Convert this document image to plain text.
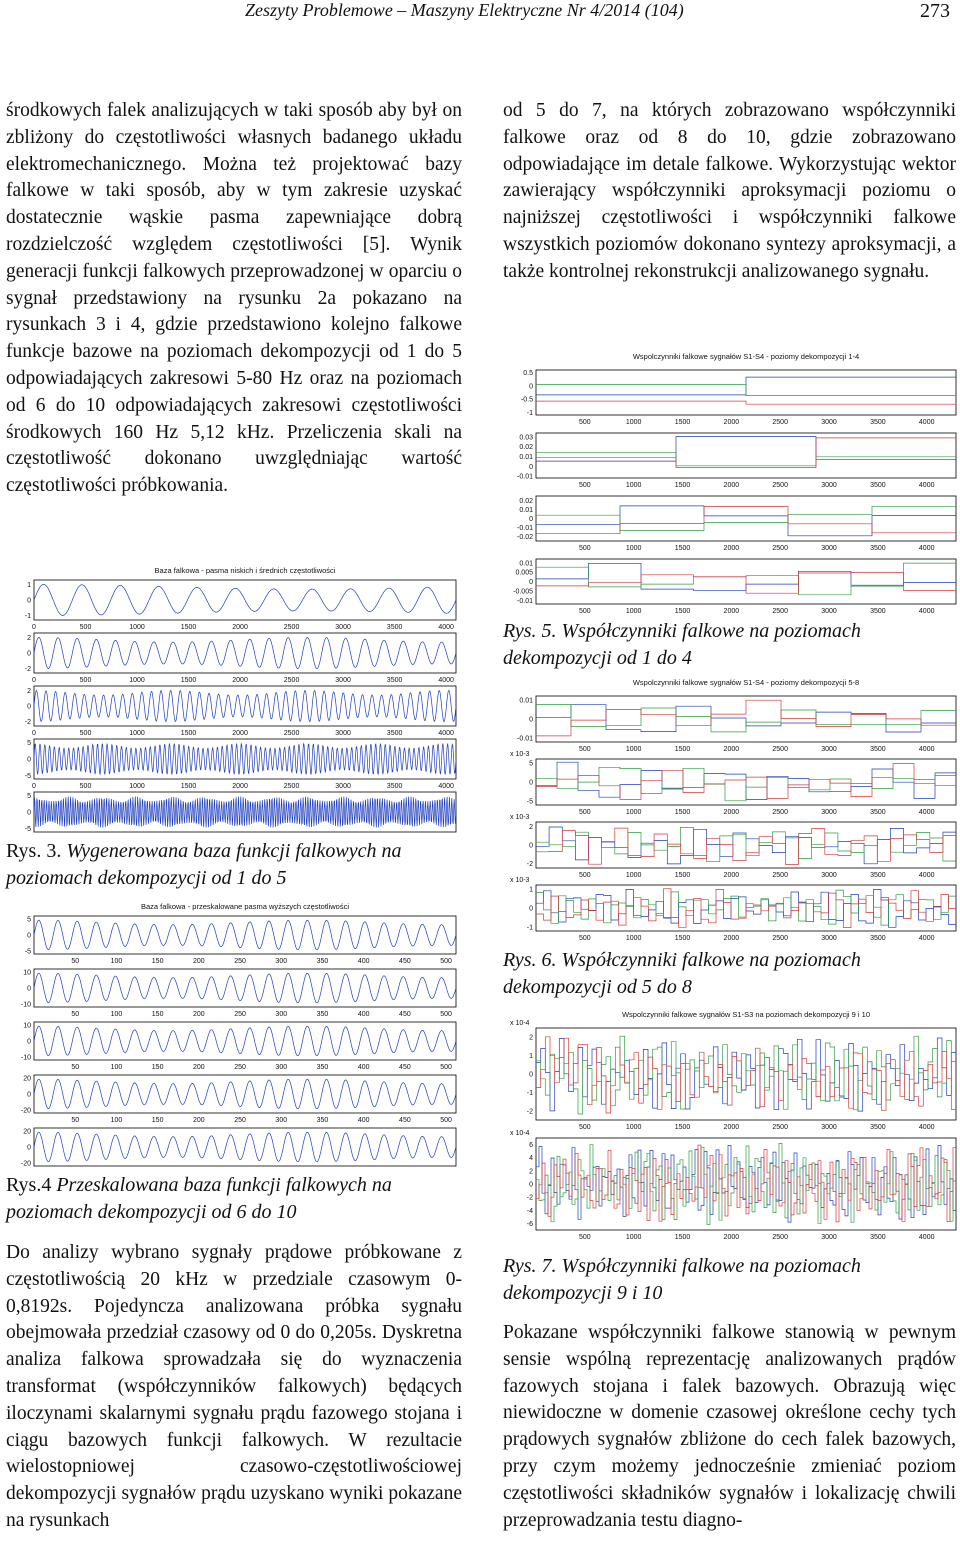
Zeszyty Problemowe – Maszyny Elektryczne Nr 4/2014 (104)	273

środkowych falek analizujących w taki sposób aby był on zbliżony do częstotliwości własnych badanego układu elektromechanicznego. Można też projektować bazy falkowe w taki sposób, aby w tym zakresie uzyskać dostatecznie wąskie pasma zapewniające dobrą rozdzielczość względem częstotliwości [5]. Wynik generacji funkcji falkowych przeprowadzonej w oparciu o sygnał przedstawiony na rysunku 2a pokazano na rysunkach 3 i 4, gdzie przedstawiono kolejno falkowe funkcje bazowe na poziomach dekompozycji od 1 do 5 odpowiadających zakresowi 5-80 Hz oraz na poziomach od 6 do 10 odpowiadających zakresowi częstotliwości środkowych 160 Hz 5,12 kHz. Przeliczenia skali na częstotliwość dokonano uwzględniając wartość częstotliwości próbkowania.

Baza falkowa - pasma niskich i średnich częstotliwości
1
0
-1
0	500	1000	1500	2000	2500	3000	3500	4000
2
0
-2
0	500	1000	1500	2000	2500	3000	3500	4000
2
0
-2
0	500	1000	1500	2000	2500	3000	3500	4000
5
0
-5
0	500	1000	1500	2000	2500	3000	3500	4000
5
0
-5

Rys. 3. Wygenerowana baza funkcji falkowych na poziomach dekompozycji od 1 do 5

Baza falkowa - przeskalowane pasma wyższych częstotliwości
5
0
-5
50	100	150	200	250	300	350	400	450	500
10
0
-10
50	100	150	200	250	300	350	400	450	500
10
0
-10
50	100	150	200	250	300	350	400	450	500
20
0
-20
50	100	150	200	250	300	350	400	450	500
20
0
-20

Rys.4 Przeskalowana baza funkcji falkowych na poziomach dekompozycji od 6 do 10

Do analizy wybrano sygnały prądowe próbkowane z częstotliwością 20 kHz w przedziale czasowym 0-0,8192s. Pojedyncza analizowana próbka sygnału obejmowała przedział czasowy od 0 do 0,205s. Dyskretna analiza falkowa sprowadzała się do wyznaczenia transformat (współczynników falkowych) będących iloczynami skalarnymi sygnału prądu fazowego stojana i ciągu bazowych funkcji falkowych. W rezultacie wielostopniowej czasowo-częstotliwościowej dekompozycji sygnałów prądu uzyskano wyniki pokazane na rysunkach

od 5 do 7, na których zobrazowano współczynniki falkowe oraz od 8 do 10, gdzie zobrazowano odpowiadające im detale falkowe. Wykorzystując wektor zawierający współczynniki aproksymacji poziomu o najniższej częstotliwości i współczynniki falkowe wszystkich poziomów dokonano syntezy aproksymacji, a także kontrolnej rekonstrukcji analizowanego sygnału.

Wspolczynniki falkowe sygnałów S1-S4 - poziomy dekompozycji 1-4
0.5
0
-0.5
-1
500	1000	1500	2000	2500	3000	3500	4000
0.03
0.02
0.01
0
-0.01
500	1000	1500	2000	2500	3000	3500	4000
0.02
0.01
0
-0.01
-0.02
500	1000	1500	2000	2500	3000	3500	4000
0.01
0.005
0
-0.005
-0.01
500	1000	1500	2000	2500	3000	3500	4000

Rys. 5. Współczynniki falkowe na poziomach dekompozycji od 1 do 4

Wspolczynniki falkowe sygnałów S1-S4 - poziomy dekompozycji 5-8
0.01
0
-0.01
500	1000	1500	2000	2500	3000	3500	4000
5
0
-5
x 10-3
500	1000	1500	2000	2500	3000	3500	4000
2
0
-2
x 10-3
500	1000	1500	2000	2500	3000	3500	4000
1
0
-1
x 10-3
500	1000	1500	2000	2500	3000	3500	4000

Rys. 6. Współczynniki falkowe na poziomach dekompozycji od 5 do 8

Wspolczynniki falkowe sygnałów S1-S3 na poziomach dekompozycji 9 i 10
2
1
0
-1
-2
x 10-4
500	1000	1500	2000	2500	3000	3500	4000
6
4
2
0
-2
-4
-6
x 10-4
500	1000	1500	2000	2500	3000	3500	4000

Rys. 7. Współczynniki falkowe na poziomach dekompozycji 9 i 10

Pokazane współczynniki falkowe stanowią w pewnym sensie wspólną reprezentację analizowanych prądów fazowych stojana i falek bazowych. Obrazują więc niewidoczne w domenie czasowej określone cechy tych prądowych sygnałów zbliżone do cech falek bazowych, przy czym możemy jednocześnie zmieniać poziom częstotliwości składników sygnałów i lokalizację chwili przeprowadzania testu diagno-
